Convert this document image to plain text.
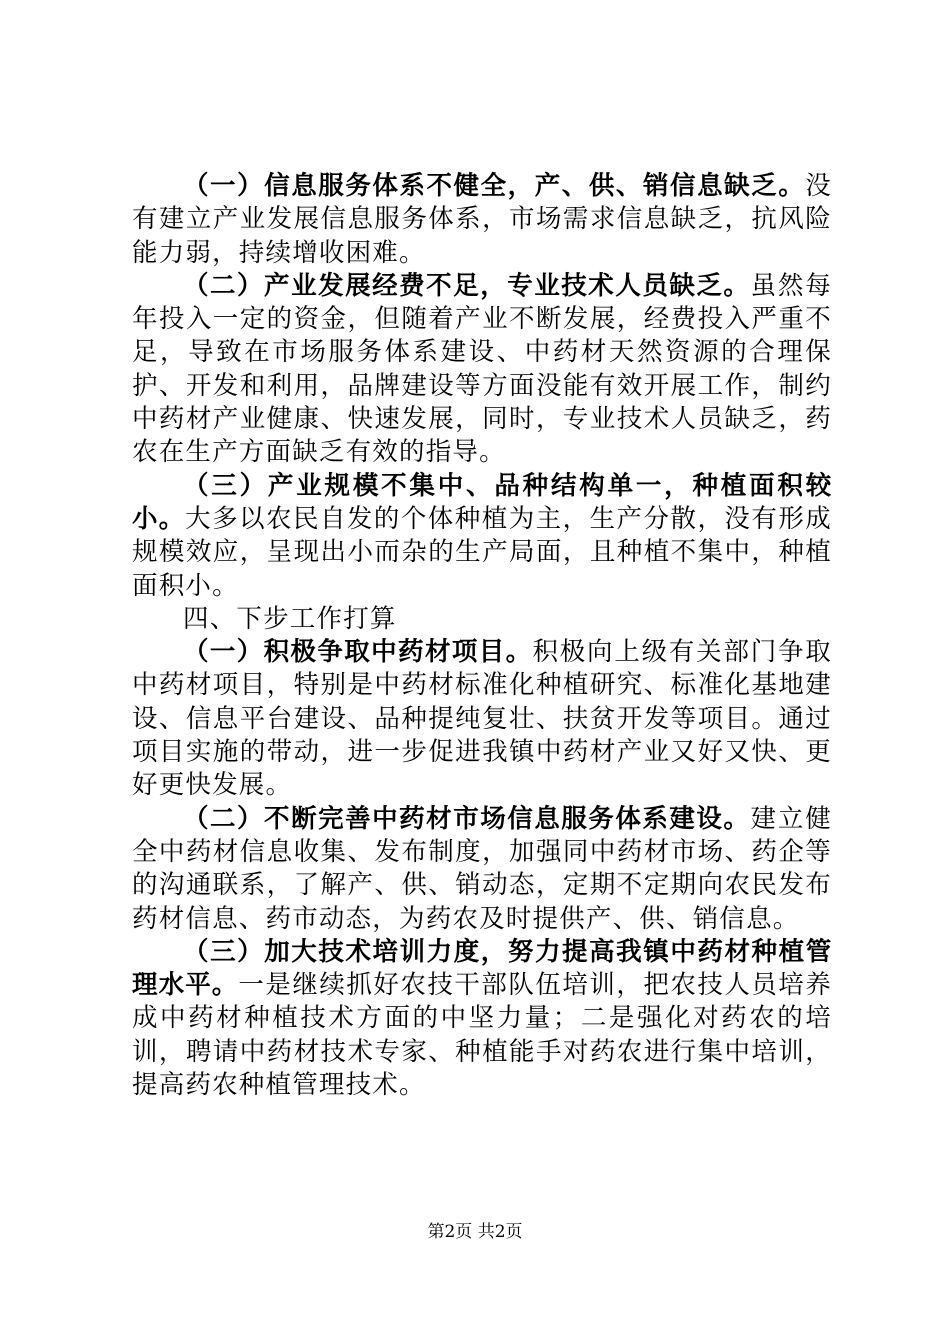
（一）信息服务体系不健全，产、供、销信息缺乏。没有建立产业发展信息服务体系，市场需求信息缺乏，抗风险能力弱，持续增收困难。

（二）产业发展经费不足，专业技术人员缺乏。虽然每年投入一定的资金，但随着产业不断发展，经费投入严重不足，导致在市场服务体系建设、中药材天然资源的合理保护、开发和利用，品牌建设等方面没能有效开展工作，制约中药材产业健康、快速发展，同时，专业技术人员缺乏，药农在生产方面缺乏有效的指导。

（三）产业规模不集中、品种结构单一，种植面积较小。大多以农民自发的个体种植为主，生产分散，没有形成规模效应，呈现出小而杂的生产局面，且种植不集中，种植面积小。

四、下步工作打算

（一）积极争取中药材项目。积极向上级有关部门争取中药材项目，特别是中药材标准化种植研究、标准化基地建设、信息平台建设、品种提纯复壮、扶贫开发等项目。通过项目实施的带动，进一步促进我镇中药材产业又好又快、更好更快发展。

（二）不断完善中药材市场信息服务体系建设。建立健全中药材信息收集、发布制度，加强同中药材市场、药企等的沟通联系，了解产、供、销动态，定期不定期向农民发布药材信息、药市动态，为药农及时提供产、供、销信息。

（三）加大技术培训力度，努力提高我镇中药材种植管理水平。一是继续抓好农技干部队伍培训，把农技人员培养成中药材种植技术方面的中坚力量；二是强化对药农的培训，聘请中药材技术专家、种植能手对药农进行集中培训，提高药农种植管理技术。

第2页 共2页
